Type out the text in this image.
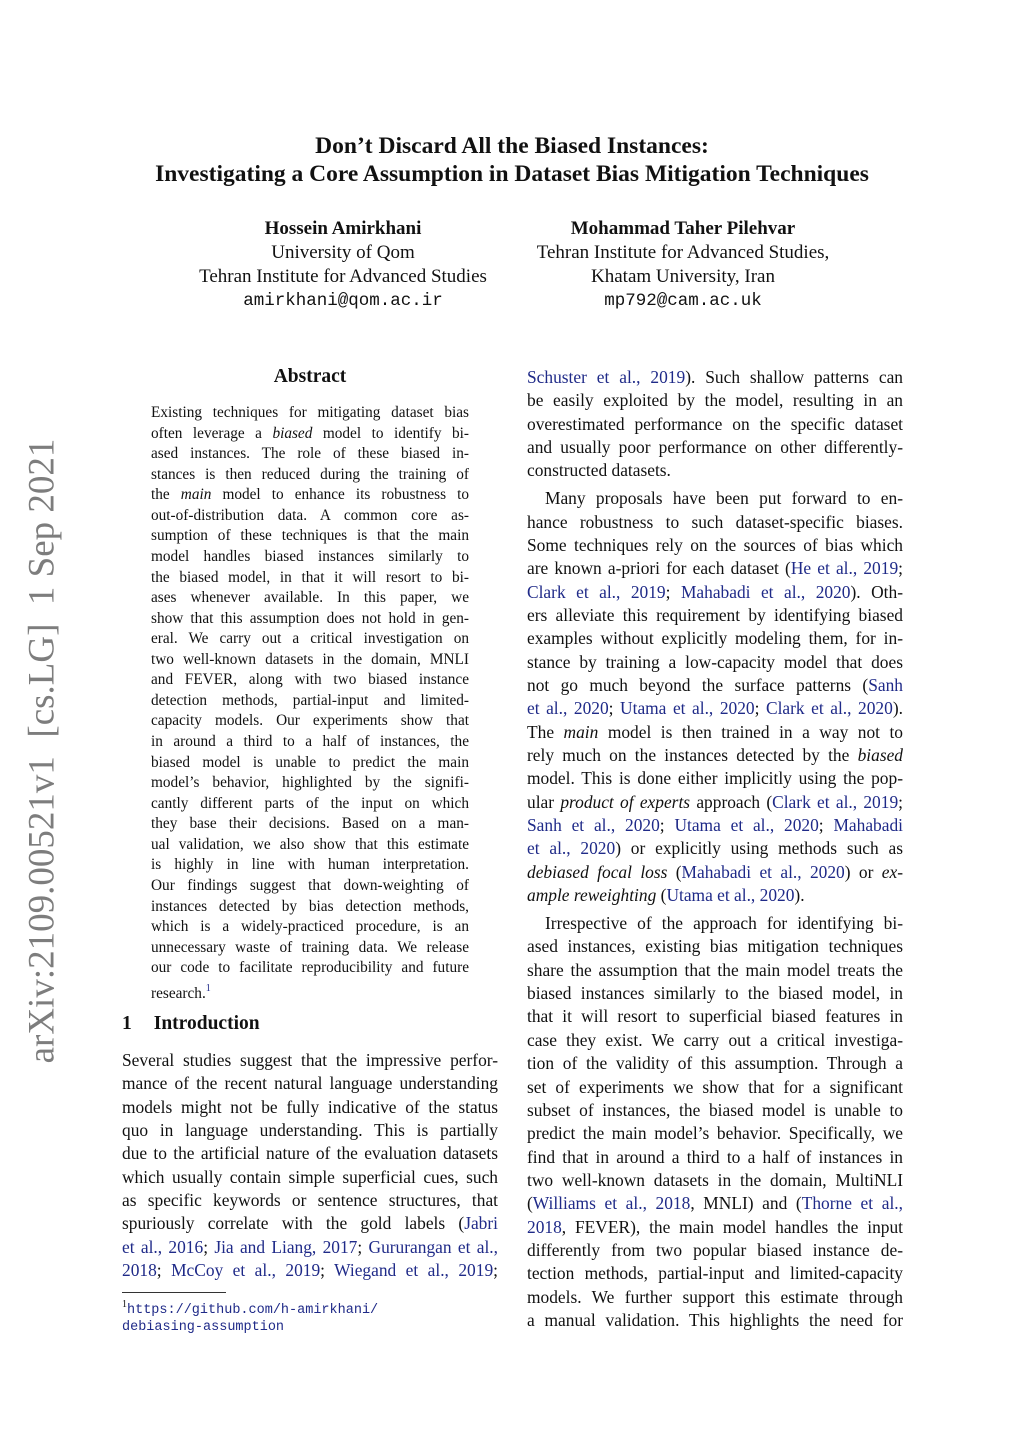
arXiv:2109.00521v1  [cs.LG]  1 Sep 2021
Don’t Discard All the Biased Instances:
Investigating a Core Assumption in Dataset Bias Mitigation Techniques
Hossein Amirkhani
University of Qom
Tehran Institute for Advanced Studies
amirkhani@qom.ac.ir
Mohammad Taher Pilehvar
Tehran Institute for Advanced Studies,
Khatam University, Iran
mp792@cam.ac.uk
Abstract
Existing techniques for mitigating dataset bias
often leverage a biased model to identify bi-
ased instances. The role of these biased in-
stances is then reduced during the training of
the main model to enhance its robustness to
out-of-distribution data. A common core as-
sumption of these techniques is that the main
model handles biased instances similarly to
the biased model, in that it will resort to bi-
ases whenever available. In this paper, we
show that this assumption does not hold in gen-
eral. We carry out a critical investigation on
two well-known datasets in the domain, MNLI
and FEVER, along with two biased instance
detection methods, partial-input and limited-
capacity models. Our experiments show that
in around a third to a half of instances, the
biased model is unable to predict the main
model’s behavior, highlighted by the signifi-
cantly different parts of the input on which
they base their decisions. Based on a man-
ual validation, we also show that this estimate
is highly in line with human interpretation.
Our findings suggest that down-weighting of
instances detected by bias detection methods,
which is a widely-practiced procedure, is an
unnecessary waste of training data. We release
our code to facilitate reproducibility and future
research.$^1$
1 Introduction
Several studies suggest that the impressive perfor-
mance of the recent natural language understanding
models might not be fully indicative of the status
quo in language understanding. This is partially
due to the artificial nature of the evaluation datasets
which usually contain simple superficial cues, such
as specific keywords or sentence structures, that
spuriously correlate with the gold labels (Jabri
et al., 2016; Jia and Liang, 2017; Gururangan et al.,
2018; McCoy et al., 2019; Wiegand et al., 2019;
$^1$https://github.com/h-amirkhani/
debiasing-assumption
Schuster et al., 2019). Such shallow patterns can
be easily exploited by the model, resulting in an
overestimated performance on the specific dataset
and usually poor performance on other differently-
constructed datasets.
Many proposals have been put forward to en-
hance robustness to such dataset-specific biases.
Some techniques rely on the sources of bias which
are known a-priori for each dataset (He et al., 2019;
Clark et al., 2019; Mahabadi et al., 2020). Oth-
ers alleviate this requirement by identifying biased
examples without explicitly modeling them, for in-
stance by training a low-capacity model that does
not go much beyond the surface patterns (Sanh
et al., 2020; Utama et al., 2020; Clark et al., 2020).
The main model is then trained in a way not to
rely much on the instances detected by the biased
model. This is done either implicitly using the pop-
ular product of experts approach (Clark et al., 2019;
Sanh et al., 2020; Utama et al., 2020; Mahabadi
et al., 2020) or explicitly using methods such as
debiased focal loss (Mahabadi et al., 2020) or ex-
ample reweighting (Utama et al., 2020).
Irrespective of the approach for identifying bi-
ased instances, existing bias mitigation techniques
share the assumption that the main model treats the
biased instances similarly to the biased model, in
that it will resort to superficial biased features in
case they exist. We carry out a critical investiga-
tion of the validity of this assumption. Through a
set of experiments we show that for a significant
subset of instances, the biased model is unable to
predict the main model’s behavior. Specifically, we
find that in around a third to a half of instances in
two well-known datasets in the domain, MultiNLI
(Williams et al., 2018, MNLI) and (Thorne et al.,
2018, FEVER), the main model handles the input
differently from two popular biased instance de-
tection methods, partial-input and limited-capacity
models. We further support this estimate through
a manual validation. This highlights the need for
